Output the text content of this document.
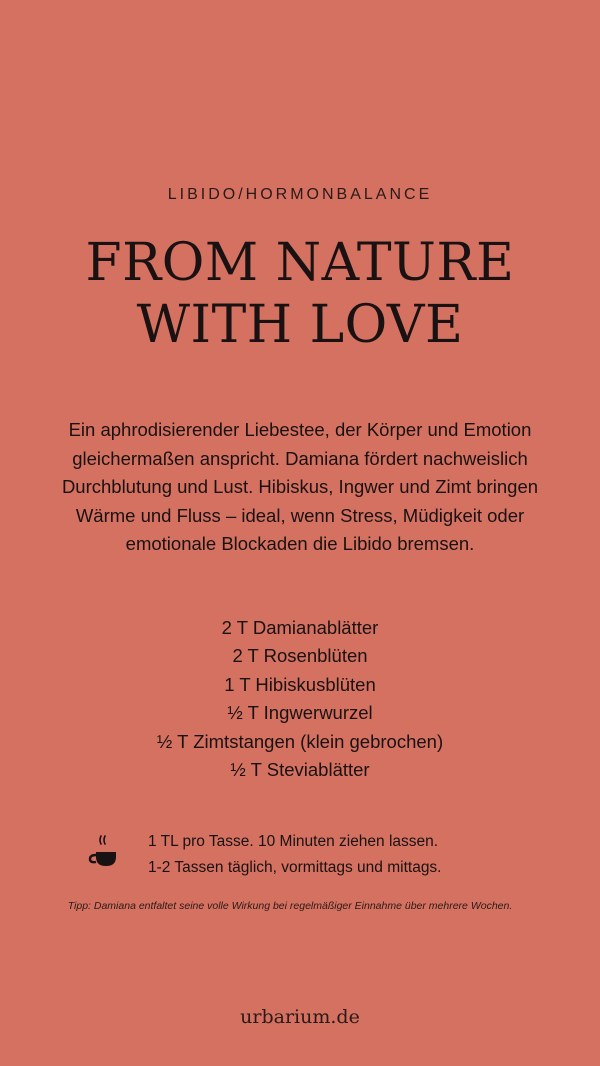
LIBIDO/HORMONBALANCE
FROM NATURE
WITH LOVE
Ein aphrodisierender Liebestee, der Körper und Emotion gleichermaßen anspricht. Damiana fördert nachweislich Durchblutung und Lust. Hibiskus, Ingwer und Zimt bringen Wärme und Fluss – ideal, wenn Stress, Müdigkeit oder emotionale Blockaden die Libido bremsen.
2 T Damianablätter
2 T Rosenblüten
1 T Hibiskusblüten
½ T Ingwerwurzel
½ T Zimtstangen (klein gebrochen)
½ T Steviablätter
1 TL pro Tasse. 10 Minuten ziehen lassen.
1-2 Tassen täglich, vormittags und mittags.
Tipp: Damiana entfaltet seine volle Wirkung bei regelmäßiger Einnahme über mehrere Wochen.
urbarium.de
